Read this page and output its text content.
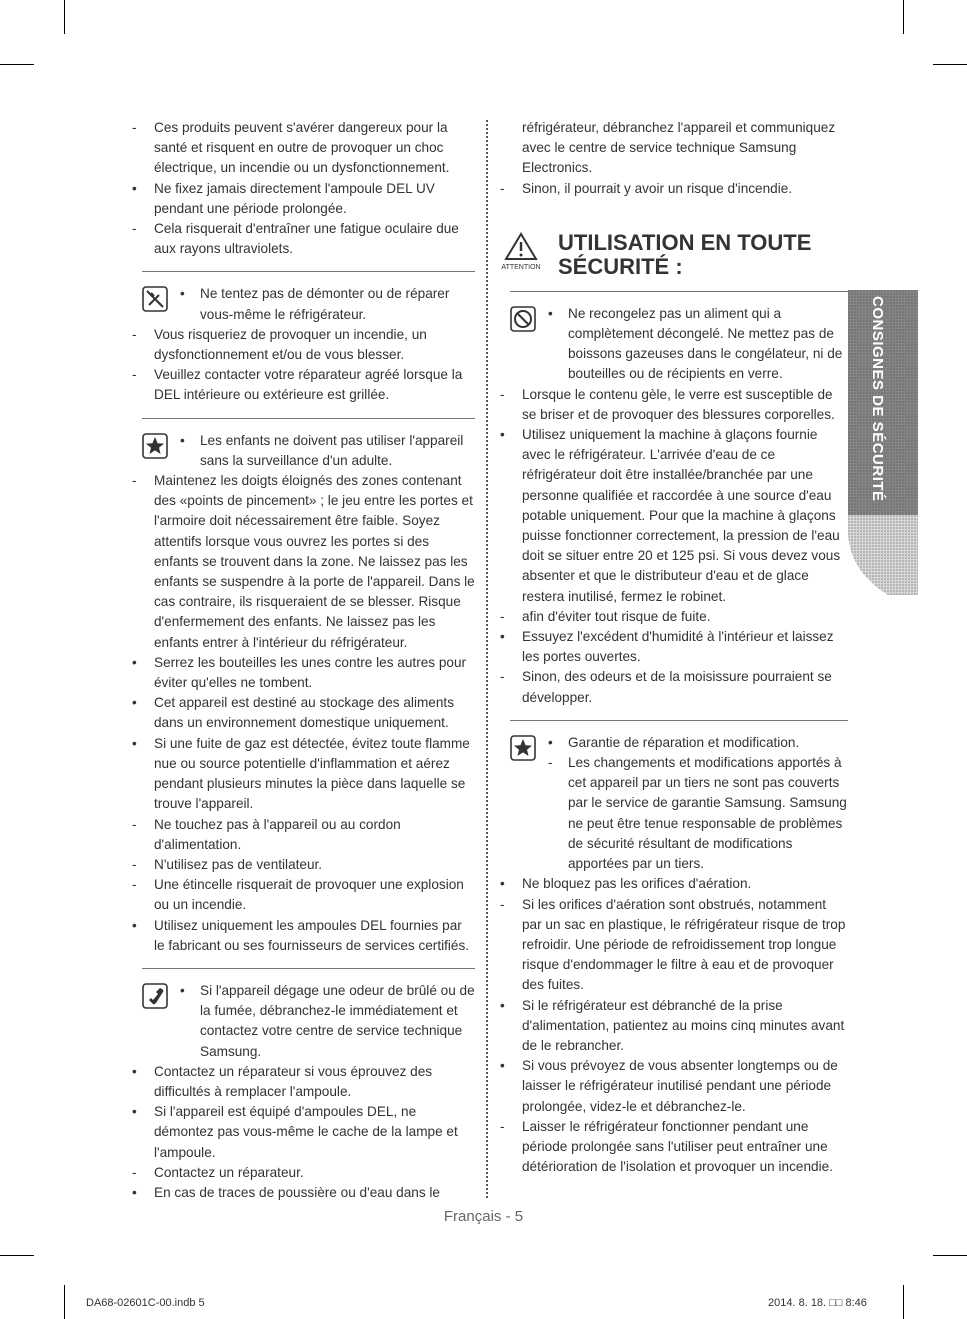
-
Ces produits peuvent s'avérer dangereux pour la santé et risquent en outre de provoquer un choc électrique, un incendie ou un dysfonctionnement.
•
Ne fixez jamais directement l'ampoule DEL UV pendant une période prolongée.
-
Cela risquerait d'entraîner une fatigue oculaire due aux rayons ultraviolets.
•
Ne tentez pas de démonter ou de réparer vous-même le réfrigérateur.
-
Vous risqueriez de provoquer un incendie, un dysfonctionnement et/ou de vous blesser.
-
Veuillez contacter votre réparateur agréé lorsque la DEL intérieure ou extérieure est grillée.
•
Les enfants ne doivent pas utiliser l'appareil sans la surveillance d'un adulte.
-
Maintenez les doigts éloignés des zones contenant des «points de pincement» ; le jeu entre les portes et l'armoire doit nécessairement être faible. Soyez attentifs lorsque vous ouvrez les portes si des enfants se trouvent dans la zone. Ne laissez pas les enfants se suspendre à la porte de l'appareil. Dans le cas contraire, ils risqueraient de se blesser. Risque d'enfermement des enfants. Ne laissez pas les enfants entrer à l'intérieur du réfrigérateur.
•
Serrez les bouteilles les unes contre les autres pour éviter qu'elles ne tombent.
•
Cet appareil est destiné au stockage des aliments dans un environnement domestique uniquement.
•
Si une fuite de gaz est détectée, évitez toute flamme nue ou source potentielle d'inflammation et aérez pendant plusieurs minutes la pièce dans laquelle se trouve l'appareil.
-
Ne touchez pas à l'appareil ou au cordon d'alimentation.
-
N'utilisez pas de ventilateur.
-
Une étincelle risquerait de provoquer une explosion ou un incendie.
•
Utilisez uniquement les ampoules DEL fournies par le fabricant ou ses fournisseurs de services certifiés.
•
Si l'appareil dégage une odeur de brûlé ou de la fumée, débranchez-le immédiatement et contactez votre centre de service technique Samsung.
•
Contactez un réparateur si vous éprouvez des difficultés à remplacer l'ampoule.
•
Si l'appareil est équipé d'ampoules DEL, ne démontez pas vous-même le cache de la lampe et l'ampoule.
-
Contactez un réparateur.
•
En cas de traces de poussière ou d'eau dans le
réfrigérateur, débranchez l'appareil et communiquez avec le centre de service technique Samsung Electronics.
-
Sinon, il pourrait y avoir un risque d'incendie.
ATTENTION
UTILISATION EN TOUTE
SÉCURITÉ :
•
Ne recongelez pas un aliment qui a complètement décongelé. Ne mettez pas de boissons gazeuses dans le congélateur, ni de bouteilles ou de récipients en verre.
-
Lorsque le contenu gèle, le verre est susceptible de se briser et de provoquer des blessures corporelles.
•
Utilisez uniquement la machine à glaçons fournie avec le réfrigérateur. L'arrivée d'eau de ce réfrigérateur doit être installée/branchée par une personne qualifiée et raccordée à une source d'eau potable uniquement. Pour que la machine à glaçons puisse fonctionner correctement, la pression de l'eau doit se situer entre 20 et 125 psi. Si vous devez vous absenter et que le distributeur d'eau et de glace restera inutilisé, fermez le robinet.
-
afin d'éviter tout risque de fuite.
•
Essuyez l'excédent d'humidité à l'intérieur et laissez les portes ouvertes.
-
Sinon, des odeurs et de la moisissure pourraient se développer.
•
Garantie de réparation et modification.
-
Les changements et modifications apportés à cet appareil par un tiers ne sont pas couverts par le service de garantie Samsung. Samsung ne peut être tenue responsable de problèmes de sécurité résultant de modifications apportées par un tiers.
•
Ne bloquez pas les orifices d'aération.
-
Si les orifices d'aération sont obstrués, notamment par un sac en plastique, le réfrigérateur risque de trop refroidir. Une période de refroidissement trop longue risque d'endommager le filtre à eau et de provoquer des fuites.
•
Si le réfrigérateur est débranché de la prise d'alimentation, patientez au moins cinq minutes avant de le rebrancher.
•
Si vous prévoyez de vous absenter longtemps ou de laisser le réfrigérateur inutilisé pendant une période prolongée, videz-le et débranchez-le.
-
Laisser le réfrigérateur fonctionner pendant une période prolongée sans l'utiliser peut entraîner une détérioration de l'isolation et provoquer un incendie.
CONSIGNES DE SÉCURITÉ
Français - 5
DA68-02601C-00.indb 5	2014. 8. 18. □□ 8:46
